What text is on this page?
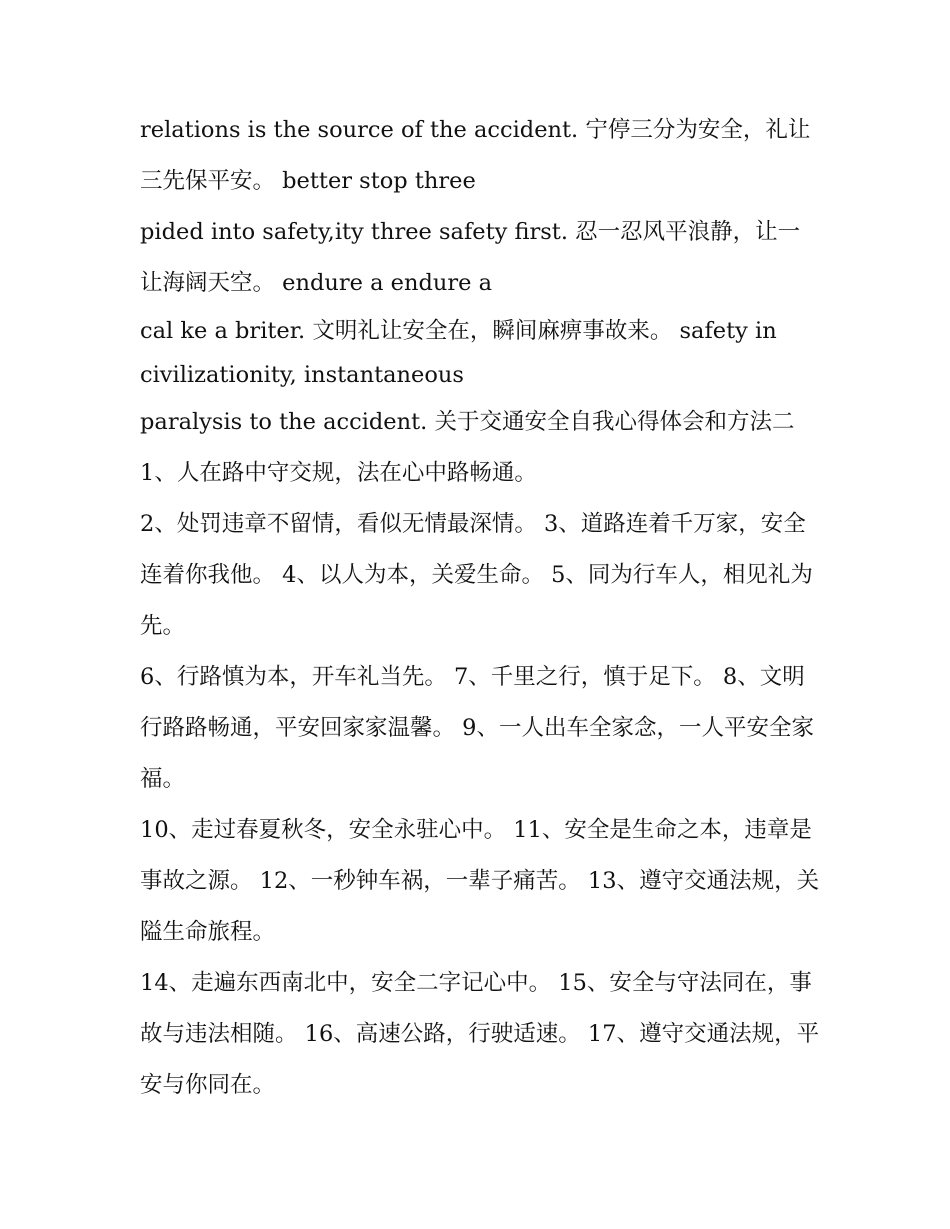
relations is the source of the accident. 宁停三分为安全，礼让三先保平安。 better stop three

pided into safety,ity three safety first. 忍一忍风平浪静，让一让海阔天空。 endure a endure a

cal ke a briter. 文明礼让安全在，瞬间麻痹事故来。 safety in civilizationity, instantaneous

paralysis to the accident. 关于交通安全自我心得体会和方法二

1、人在路中守交规，法在心中路畅通。

2、处罚违章不留情，看似无情最深情。 3、道路连着千万家，安全连着你我他。 4、以人为本，关爱生命。 5、同为行车人，相见礼为先。

6、行路慎为本，开车礼当先。 7、千里之行，慎于足下。 8、文明行路路畅通，平安回家家温馨。 9、一人出车全家念，一人平安全家福。

10、走过春夏秋冬，安全永驻心中。 11、安全是生命之本，违章是事故之源。 12、一秒钟车祸，一辈子痛苦。 13、遵守交通法规，关隘生命旅程。

14、走遍东西南北中，安全二字记心中。 15、安全与守法同在，事故与违法相随。 16、高速公路，行驶适速。 17、遵守交通法规，平安与你同在。
